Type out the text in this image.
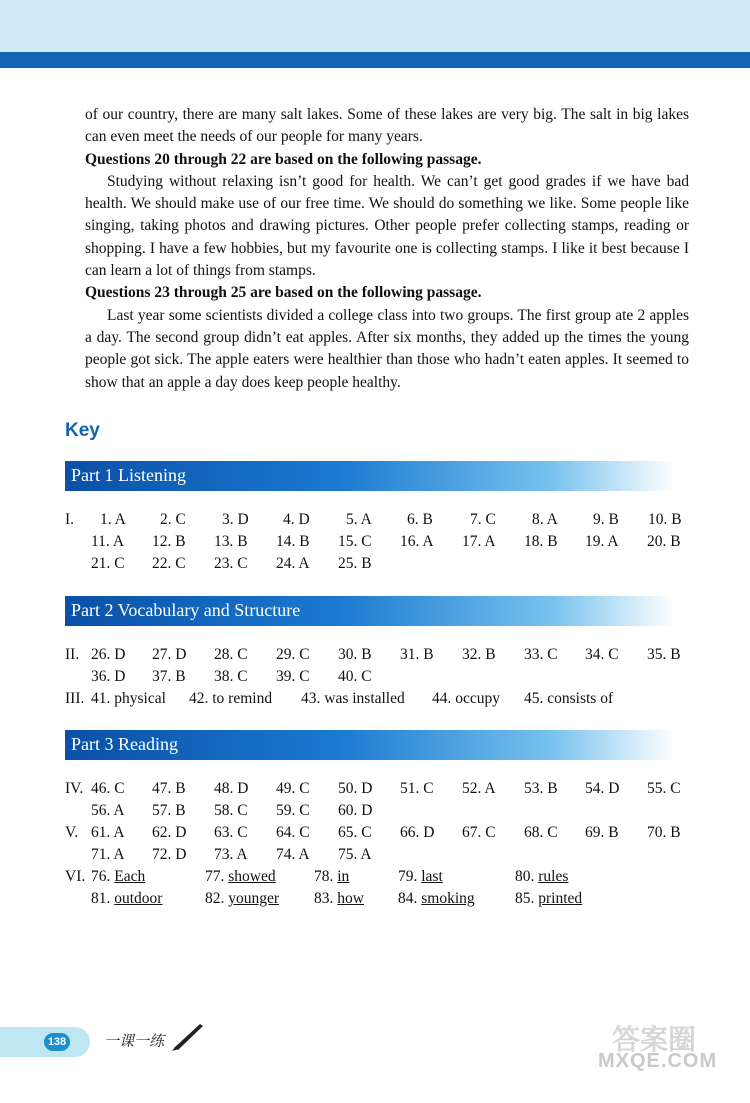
of our country, there are many salt lakes. Some of these lakes are very big. The salt in big lakes can even meet the needs of our people for many years.

Questions 20 through 22 are based on the following passage.

Studying without relaxing isn’t good for health. We can’t get good grades if we have bad health. We should make use of our free time. We should do something we like. Some people like singing, taking photos and drawing pictures. Other people prefer collecting stamps, reading or shopping. I have a few hobbies, but my favourite one is collecting stamps. I like it best because I can learn a lot of things from stamps.

Questions 23 through 25 are based on the following passage.

Last year some scientists divided a college class into two groups. The first group ate 2 apples a day. The second group didn’t eat apples. After six months, they added up the times the young people got sick. The apple eaters were healthier than those who hadn’t eaten apples. It seemed to show that an apple a day does keep people healthy.

Key
Part 1 Listening
I. 1. A 2. C 3. D 4. D 5. A 6. B 7. C 8. A 9. B 10. B
11. A 12. B 13. B 14. B 15. C 16. A 17. A 18. B 19. A 20. B
21. C 22. C 23. C 24. A 25. B
Part 2 Vocabulary and Structure
II. 26. D 27. D 28. C 29. C 30. B 31. B 32. B 33. C 34. C 35. B
36. D 37. B 38. C 39. C 40. C
III. 41. physical 42. to remind 43. was installed 44. occupy 45. consists of
Part 3 Reading
IV. 46. C 47. B 48. D 49. C 50. D 51. C 52. A 53. B 54. D 55. C
56. A 57. B 58. C 59. C 60. D
V. 61. A 62. D 63. C 64. C 65. C 66. D 67. C 68. C 69. B 70. B
71. A 72. D 73. A 74. A 75. A
VI. 76. Each	77. showed 78. in	79. last	80. rules
81. outdoor	82. younger 83. how 84. smoking	85. printed
138	一课一练	答案圈
MXQE.COM
